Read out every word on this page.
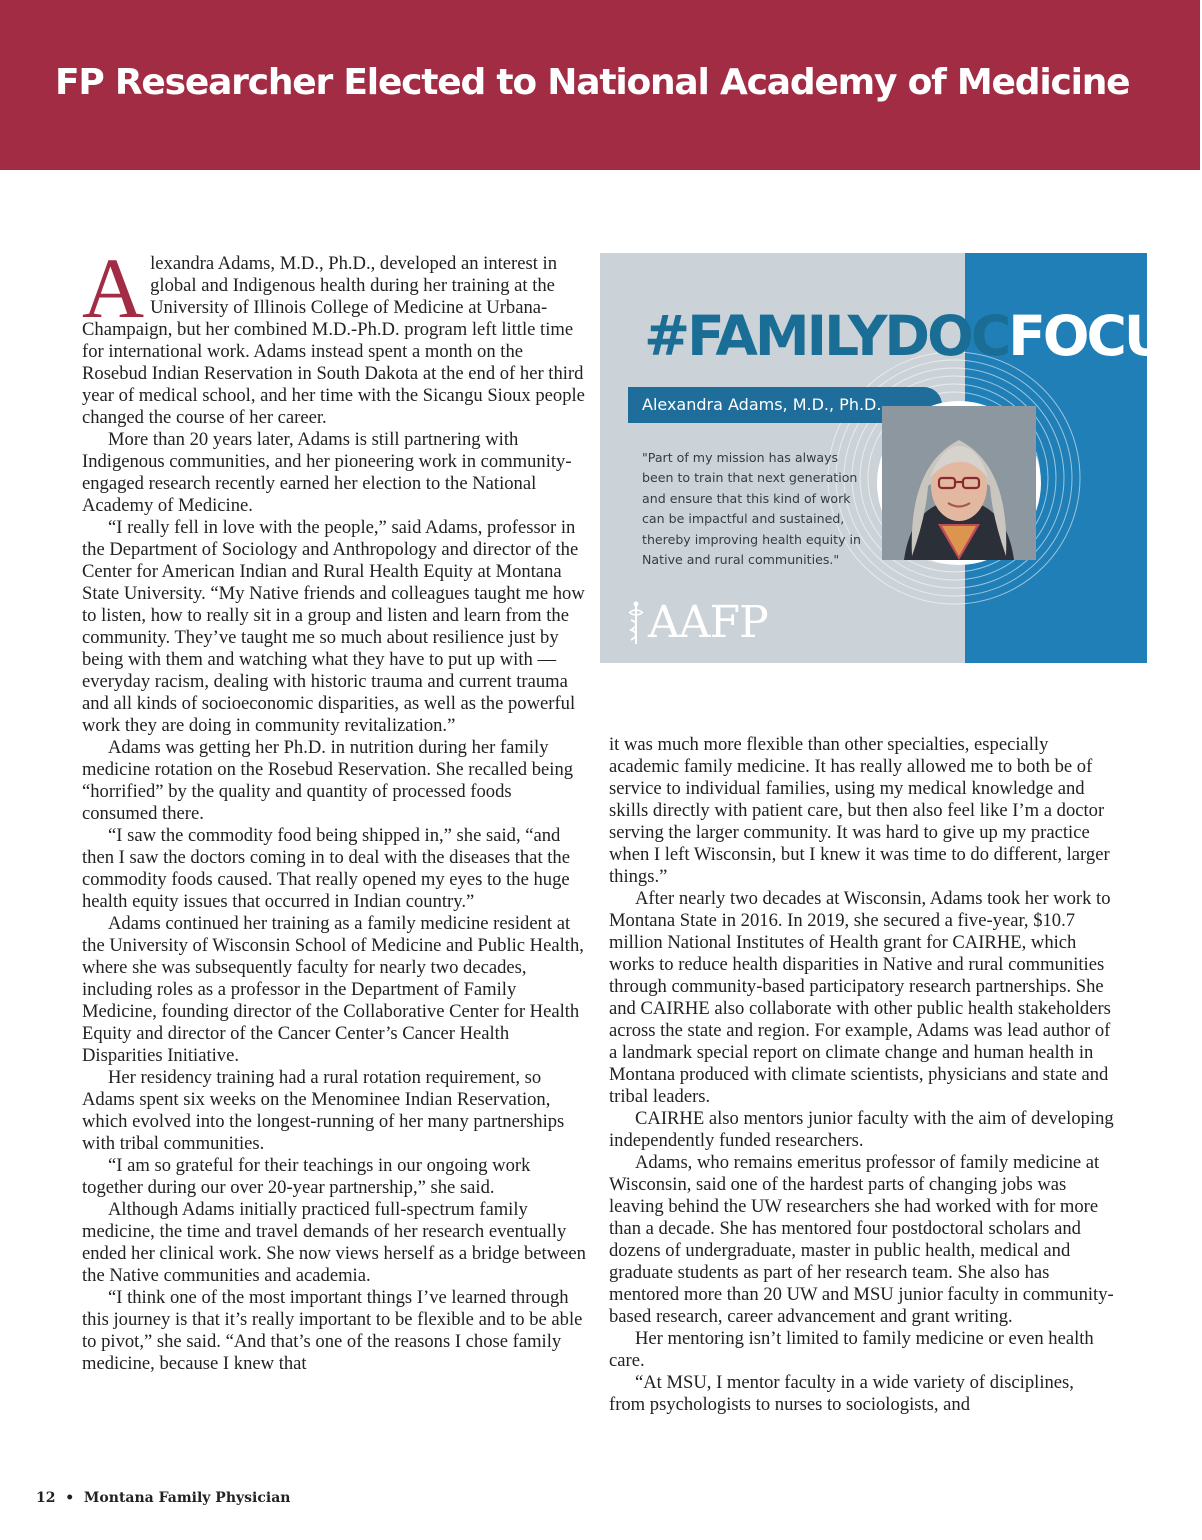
FP Researcher Elected to National Academy of Medicine

Alexandra Adams, M.D., Ph.D., developed an interest in global and Indigenous health during her training at the University of Illinois College of Medicine at Urbana-Champaign, but her combined M.D.-Ph.D. program left little time for international work. Adams instead spent a month on the Rosebud Indian Reservation in South Dakota at the end of her third year of medical school, and her time with the Sicangu Sioux people changed the course of her career.

More than 20 years later, Adams is still partnering with Indigenous communities, and her pioneering work in community-engaged research recently earned her election to the National Academy of Medicine.

“I really fell in love with the people,” said Adams, professor in the Department of Sociology and Anthropology and director of the Center for American Indian and Rural Health Equity at Montana State University. “My Native friends and colleagues taught me how to listen, how to really sit in a group and listen and learn from the community. They’ve taught me so much about resilience just by being with them and watching what they have to put up with — everyday racism, dealing with historic trauma and current trauma and all kinds of socioeconomic disparities, as well as the powerful work they are doing in community revitalization.”

Adams was getting her Ph.D. in nutrition during her family medicine rotation on the Rosebud Reservation. She recalled being “horrified” by the quality and quantity of processed foods consumed there.

“I saw the commodity food being shipped in,” she said, “and then I saw the doctors coming in to deal with the diseases that the commodity foods caused. That really opened my eyes to the huge health equity issues that occurred in Indian country.”

Adams continued her training as a family medicine resident at the University of Wisconsin School of Medicine and Public Health, where she was subsequently faculty for nearly two decades, including roles as a professor in the Department of Family Medicine, founding director of the Collaborative Center for Health Equity and director of the Cancer Center’s Cancer Health Disparities Initiative.

Her residency training had a rural rotation requirement, so Adams spent six weeks on the Menominee Indian Reservation, which evolved into the longest-running of her many partnerships with tribal communities.

“I am so grateful for their teachings in our ongoing work together during our over 20-year partnership,” she said.

Although Adams initially practiced full-spectrum family medicine, the time and travel demands of her research eventually ended her clinical work. She now views herself as a bridge between the Native communities and academia.

“I think one of the most important things I’ve learned through this journey is that it’s really important to be flexible and to be able to pivot,” she said. “And that’s one of the reasons I chose family medicine, because I knew that

#FAMILYDOCFOCUS
Alexandra Adams, M.D., Ph.D.
"Part of my mission has always been to train that next generation and ensure that this kind of work can be impactful and sustained, thereby improving health equity in Native and rural communities."
AAFP

it was much more flexible than other specialties, especially academic family medicine. It has really allowed me to both be of service to individual families, using my medical knowledge and skills directly with patient care, but then also feel like I’m a doctor serving the larger community. It was hard to give up my practice when I left Wisconsin, but I knew it was time to do different, larger things.”

After nearly two decades at Wisconsin, Adams took her work to Montana State in 2016. In 2019, she secured a five-year, $10.7 million National Institutes of Health grant for CAIRHE, which works to reduce health disparities in Native and rural communities through community-based participatory research partnerships. She and CAIRHE also collaborate with other public health stakeholders across the state and region. For example, Adams was lead author of a landmark special report on climate change and human health in Montana produced with climate scientists, physicians and state and tribal leaders.

CAIRHE also mentors junior faculty with the aim of developing independently funded researchers.

Adams, who remains emeritus professor of family medicine at Wisconsin, said one of the hardest parts of changing jobs was leaving behind the UW researchers she had worked with for more than a decade. She has mentored four postdoctoral scholars and dozens of undergraduate, master in public health, medical and graduate students as part of her research team. She also has mentored more than 20 UW and MSU junior faculty in community-based research, career advancement and grant writing.

Her mentoring isn’t limited to family medicine or even health care.

“At MSU, I mentor faculty in a wide variety of disciplines, from psychologists to nurses to sociologists, and

12  •  Montana Family Physician
